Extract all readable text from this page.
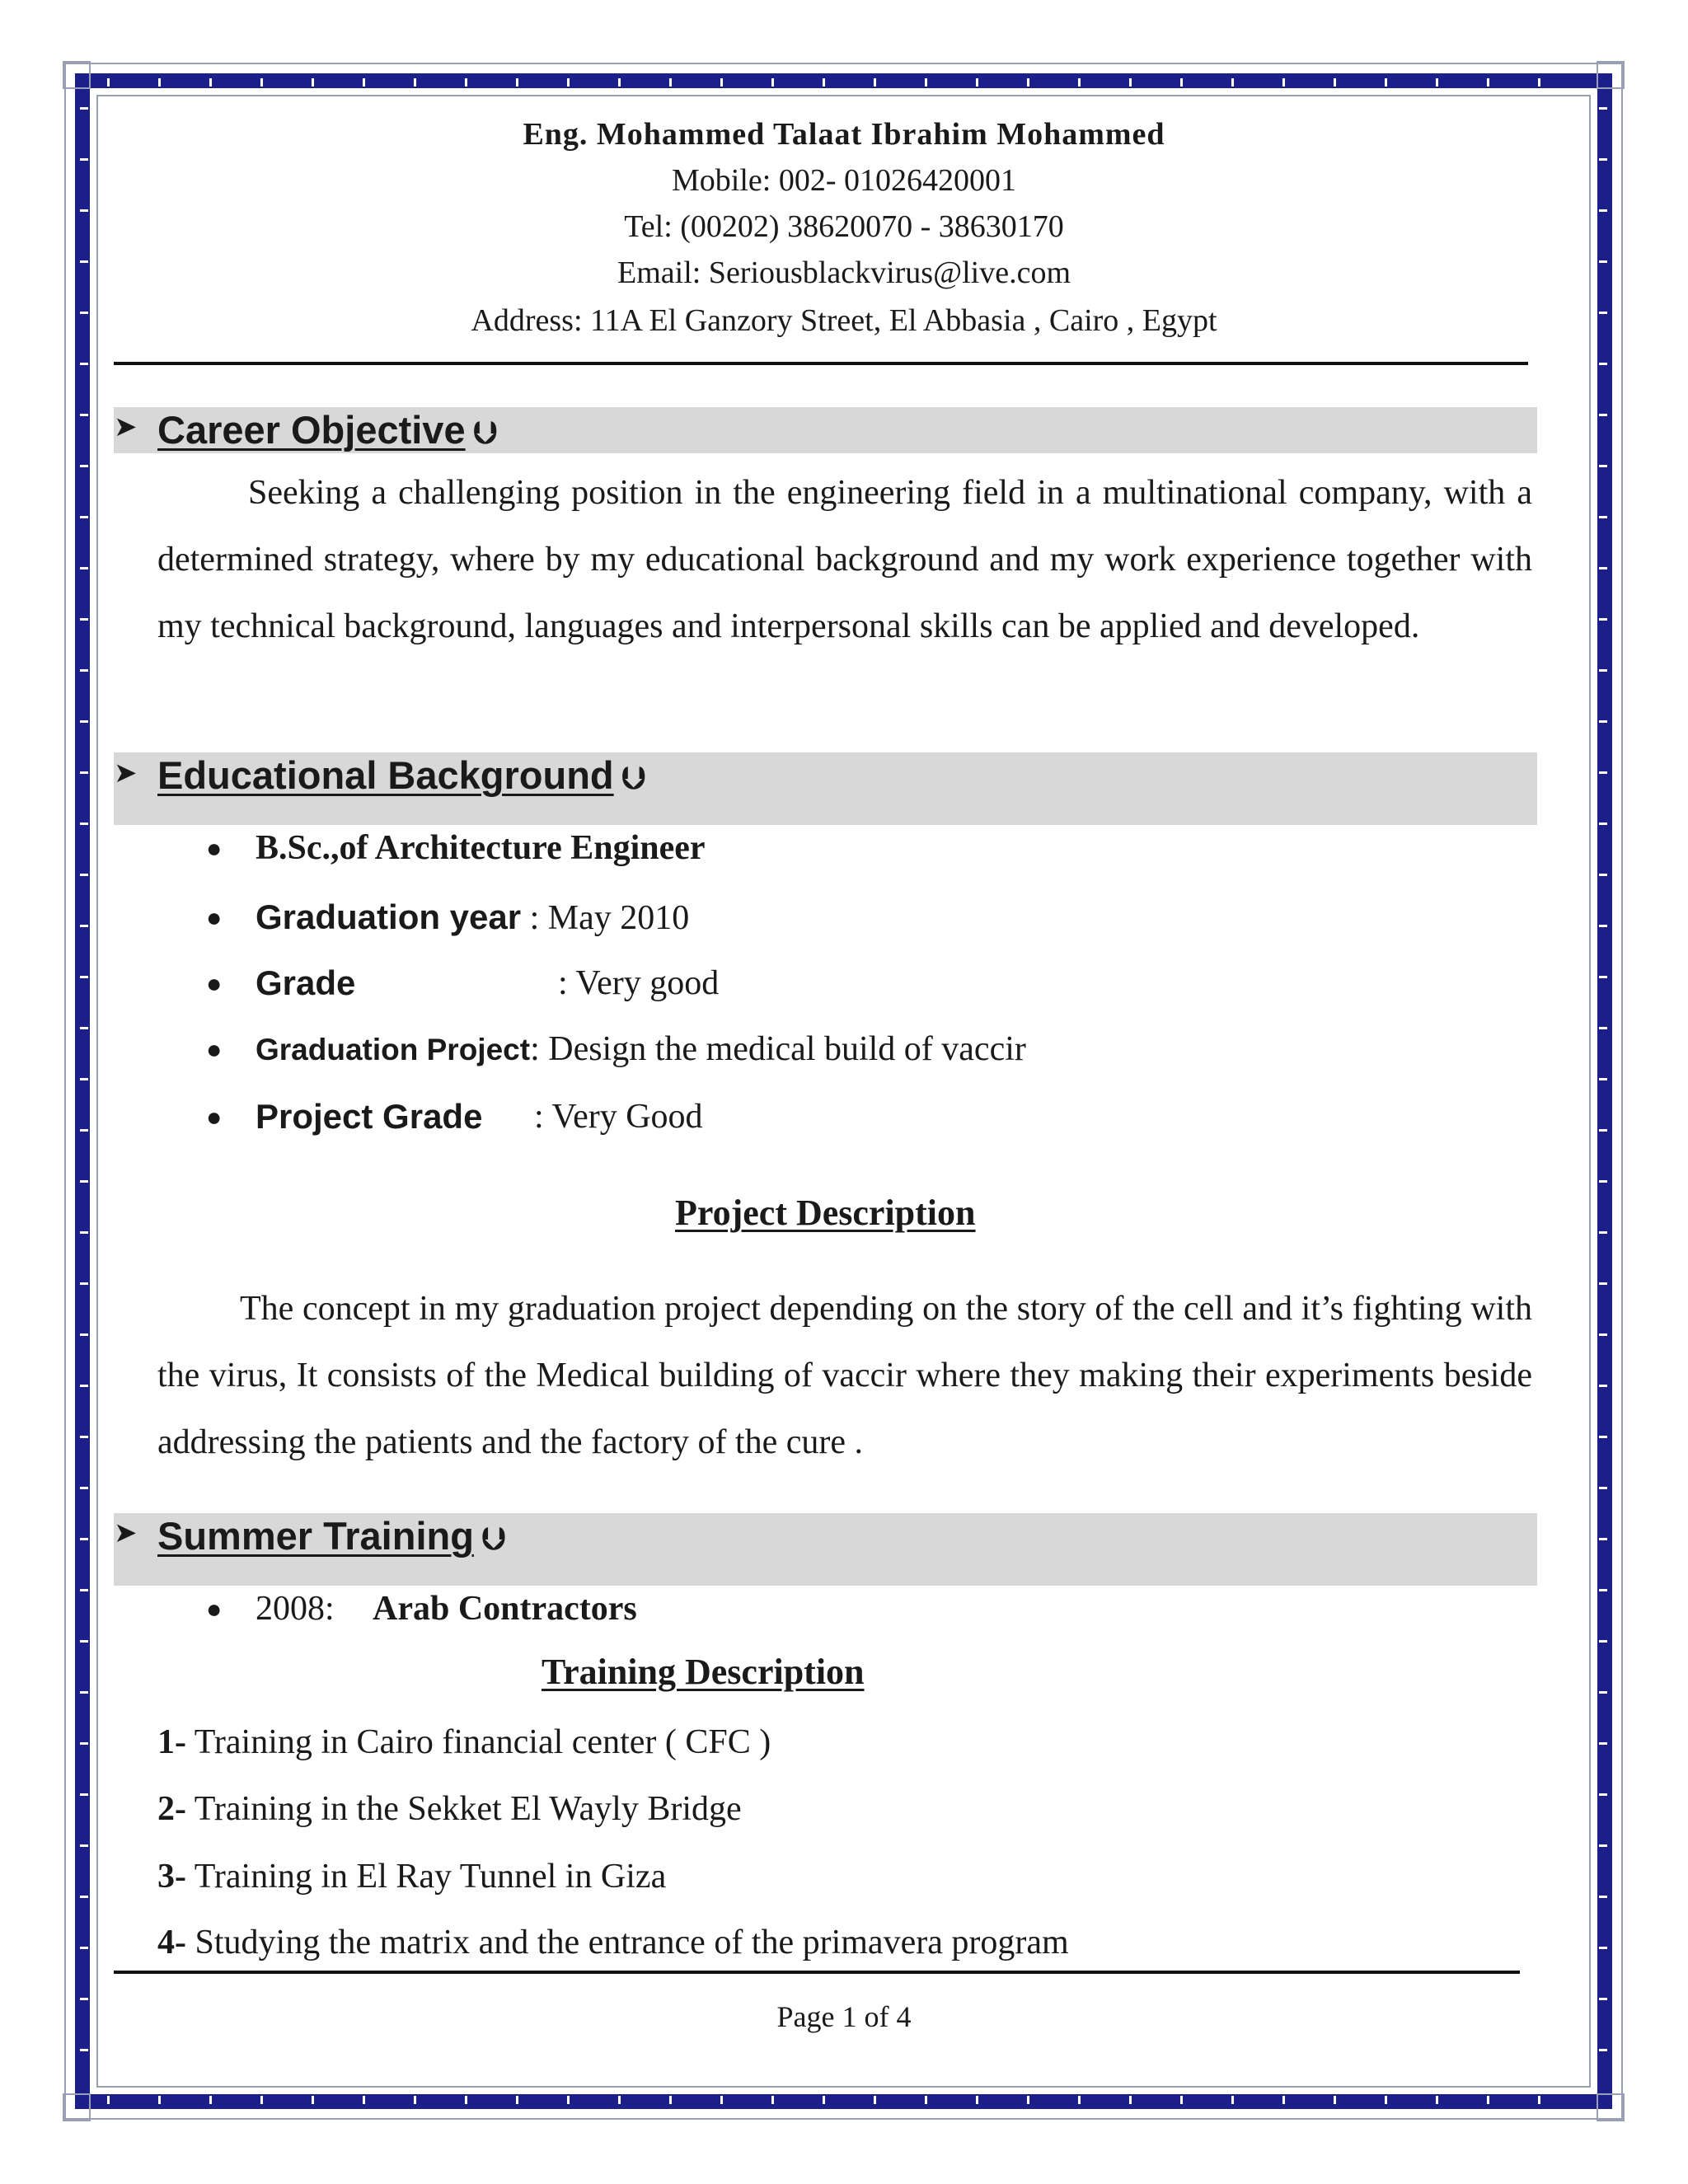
Eng. Mohammed Talaat Ibrahim Mohammed
Mobile: 002- 01026420001
Tel: (00202) 38620070 - 38630170
Email: Seriousblackvirus@live.com
Address: 11A El Ganzory Street, El Abbasia , Cairo , Egypt
➤ Career Objective ⮋
Seeking a challenging position in the engineering field in a multinational company, with a determined strategy, where by my educational background and my work experience together with my technical background, languages and interpersonal skills can be applied and developed.
➤ Educational Background ⮋
● B.Sc.,of Architecture Engineer
● Graduation year : May 2010
● Grade	: Very good
● Graduation Project: Design the medical build of vaccir
● Project Grade : Very Good
Project Description
The concept in my graduation project depending on the story of the cell and it’s fighting with the virus, It consists of the Medical building of vaccir where they making their experiments beside addressing the patients and the factory of the cure .
➤ Summer Training ⮋
● 2008: Arab Contractors
Training Description
1- Training in Cairo financial center ( CFC )
2- Training in the Sekket El Wayly Bridge
3- Training in El Ray Tunnel in Giza
4- Studying the matrix and the entrance of the primavera program
Page 1 of 4
